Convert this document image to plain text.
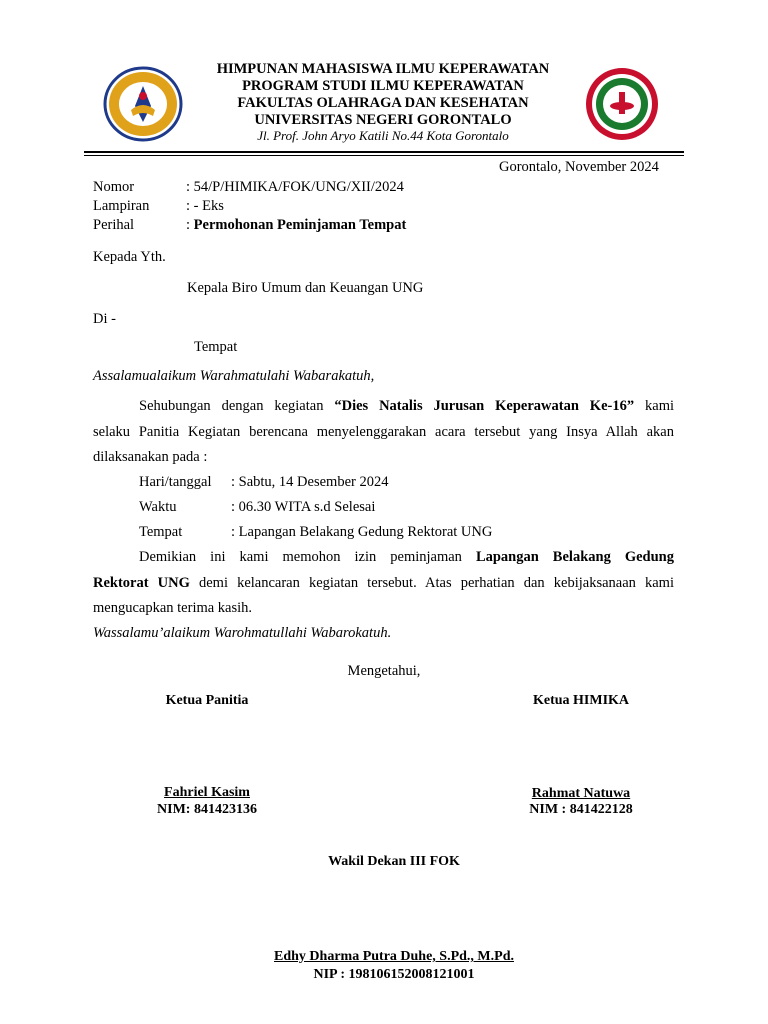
HIMPUNAN MAHASISWA ILMU KEPERAWATAN
PROGRAM STUDI ILMU KEPERAWATAN
FAKULTAS OLAHRAGA DAN KESEHATAN
UNIVERSITAS NEGERI GORONTALO
Jl. Prof. John Aryo Katili No.44 Kota Gorontalo
Gorontalo, November 2024
Nomor	: 54/P/HIMIKA/FOK/UNG/XII/2024
Lampiran	: - Eks
Perihal	: Permohonan Peminjaman Tempat
Kepada Yth.
Kepala Biro Umum dan Keuangan UNG
Di -
Tempat
Assalamualaikum Warahmatulahi Wabarakatuh,
Sehubungan dengan kegiatan “Dies Natalis Jurusan Keperawatan Ke-16” kami
selaku Panitia Kegiatan berencana menyelenggarakan acara tersebut yang Insya Allah akan
dilaksanakan pada :
Hari/tanggal : Sabtu, 14 Desember 2024
Waktu	: 06.30 WITA s.d Selesai
Tempat	: Lapangan Belakang Gedung Rektorat UNG
Demikian ini kami memohon izin peminjaman Lapangan Belakang Gedung
Rektorat UNG demi kelancaran kegiatan tersebut. Atas perhatian dan kebijaksanaan kami
mengucapkan terima kasih.
Wassalamu’alaikum Warohmatullahi Wabarokatuh.
Mengetahui,
Ketua Panitia	Ketua HIMIKA
Fahriel Kasim
NIM: 841423136
Rahmat Natuwa
NIM : 841422128
Wakil Dekan III FOK
Edhy Dharma Putra Duhe, S.Pd., M.Pd.
NIP : 198106152008121001
